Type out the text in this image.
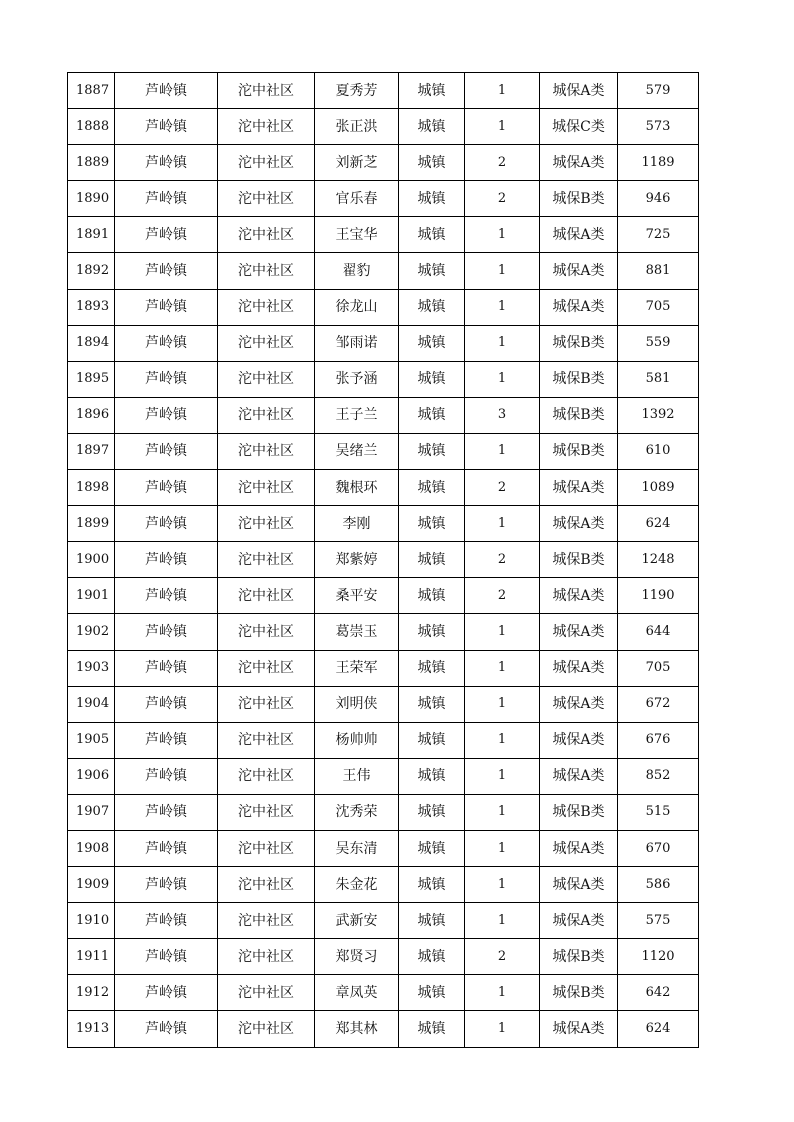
1887	芦岭镇	沱中社区	夏秀芳	城镇	1	城保A类	579
1888	芦岭镇	沱中社区	张正洪	城镇	1	城保C类	573
1889	芦岭镇	沱中社区	刘新芝	城镇	2	城保A类	1189
1890	芦岭镇	沱中社区	官乐春	城镇	2	城保B类	946
1891	芦岭镇	沱中社区	王宝华	城镇	1	城保A类	725
1892	芦岭镇	沱中社区	翟豹	城镇	1	城保A类	881
1893	芦岭镇	沱中社区	徐龙山	城镇	1	城保A类	705
1894	芦岭镇	沱中社区	邹雨诺	城镇	1	城保B类	559
1895	芦岭镇	沱中社区	张予涵	城镇	1	城保B类	581
1896	芦岭镇	沱中社区	王子兰	城镇	3	城保B类	1392
1897	芦岭镇	沱中社区	吴绪兰	城镇	1	城保B类	610
1898	芦岭镇	沱中社区	魏根环	城镇	2	城保A类	1089
1899	芦岭镇	沱中社区	李刚	城镇	1	城保A类	624
1900	芦岭镇	沱中社区	郑紫婷	城镇	2	城保B类	1248
1901	芦岭镇	沱中社区	桑平安	城镇	2	城保A类	1190
1902	芦岭镇	沱中社区	葛崇玉	城镇	1	城保A类	644
1903	芦岭镇	沱中社区	王荣军	城镇	1	城保A类	705
1904	芦岭镇	沱中社区	刘明侠	城镇	1	城保A类	672
1905	芦岭镇	沱中社区	杨帅帅	城镇	1	城保A类	676
1906	芦岭镇	沱中社区	王伟	城镇	1	城保A类	852
1907	芦岭镇	沱中社区	沈秀荣	城镇	1	城保B类	515
1908	芦岭镇	沱中社区	吴东清	城镇	1	城保A类	670
1909	芦岭镇	沱中社区	朱金花	城镇	1	城保A类	586
1910	芦岭镇	沱中社区	武新安	城镇	1	城保A类	575
1911	芦岭镇	沱中社区	郑贤习	城镇	2	城保B类	1120
1912	芦岭镇	沱中社区	章凤英	城镇	1	城保B类	642
1913	芦岭镇	沱中社区	郑其林	城镇	1	城保A类	624
